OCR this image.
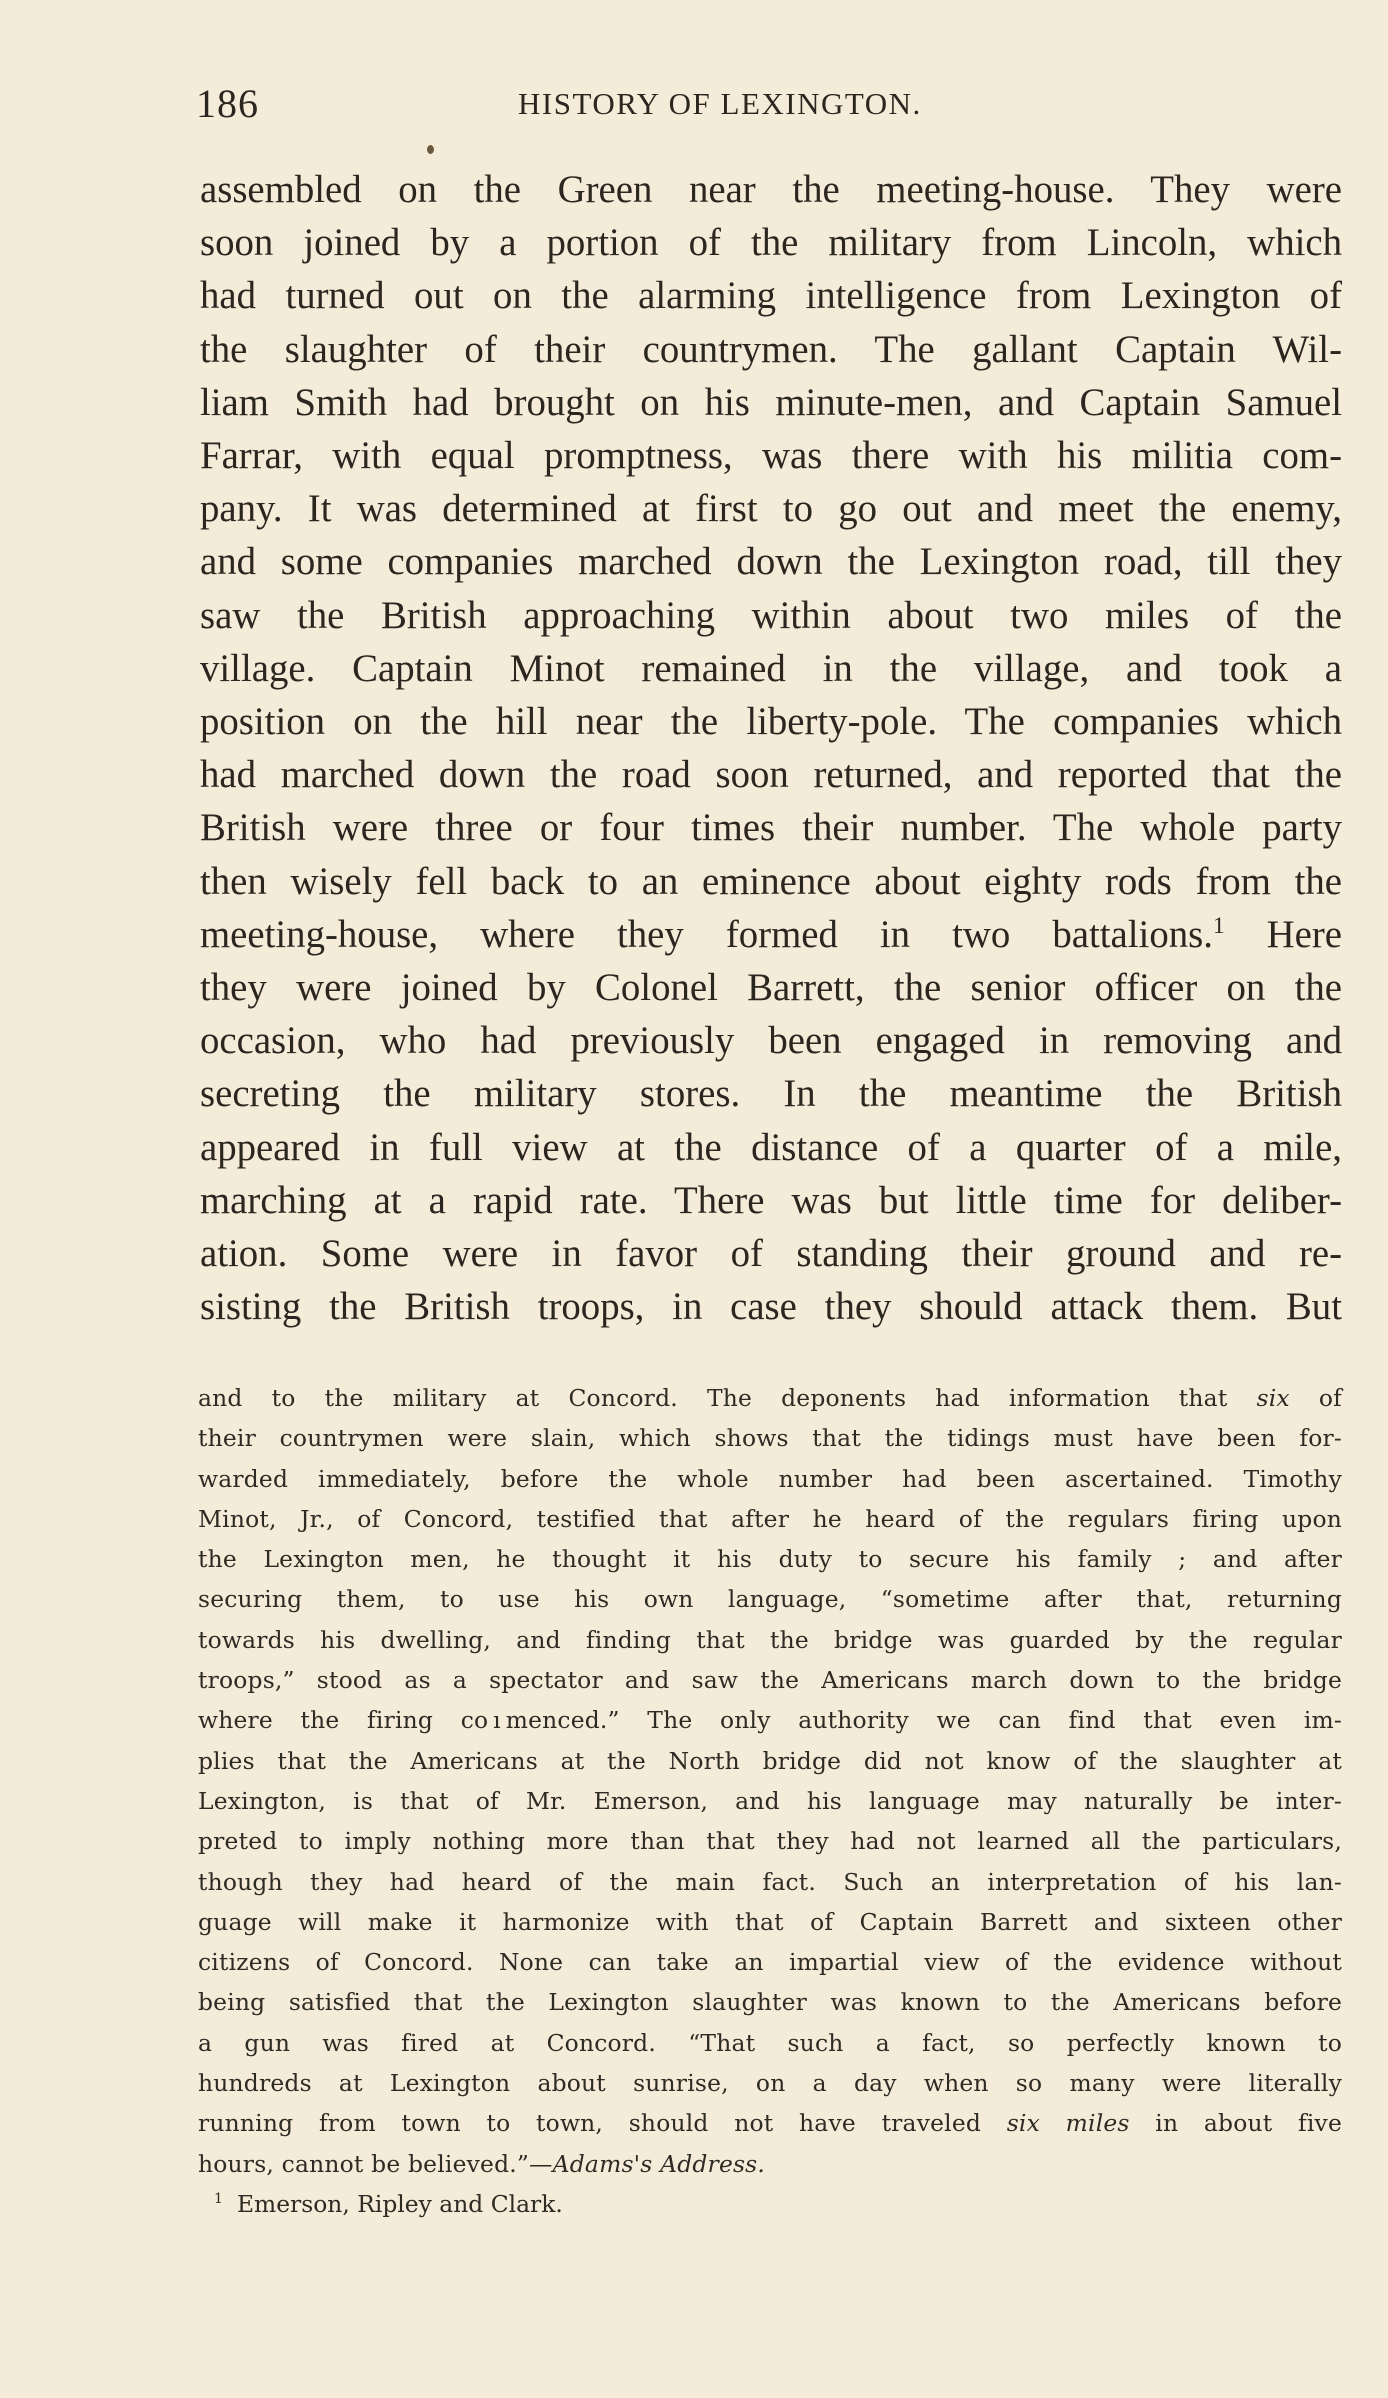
186	HISTORY OF LEXINGTON.
assembled on the Green near the meeting-house. They were
soon joined by a portion of the military from Lincoln, which
had turned out on the alarming intelligence from Lexington of
the slaughter of their countrymen. The gallant Captain Wil-
liam Smith had brought on his minute-men, and Captain Samuel
Farrar, with equal promptness, was there with his militia com-
pany. It was determined at first to go out and meet the enemy,
and some companies marched down the Lexington road, till they
saw the British approaching within about two miles of the
village. Captain Minot remained in the village, and took a
position on the hill near the liberty-pole. The companies which
had marched down the road soon returned, and reported that the
British were three or four times their number. The whole party
then wisely fell back to an eminence about eighty rods from the
meeting-house, where they formed in two battalions.$^1$ Here
they were joined by Colonel Barrett, the senior officer on the
occasion, who had previously been engaged in removing and
secreting the military stores. In the meantime the British
appeared in full view at the distance of a quarter of a mile,
marching at a rapid rate. There was but little time for deliber-
ation. Some were in favor of standing their ground and re-
sisting the British troops, in case they should attack them. But
and to the military at Concord. The deponents had information that six of
their countrymen were slain, which shows that the tidings must have been for-
warded immediately, before the whole number had been ascertained. Timothy
Minot, Jr., of Concord, testified that after he heard of the regulars firing upon
the Lexington men, he thought it his duty to secure his family ; and after
securing them, to use his own language, “sometime after that, returning
towards his dwelling, and finding that the bridge was guarded by the regular
troops,” stood as a spectator and saw the Americans march down to the bridge
where the firing co ı menced.” The only authority we can find that even im-
plies that the Americans at the North bridge did not know of the slaughter at
Lexington, is that of Mr. Emerson, and his language may naturally be inter-
preted to imply nothing more than that they had not learned all the particulars,
though they had heard of the main fact. Such an interpretation of his lan-
guage will make it harmonize with that of Captain Barrett and sixteen other
citizens of Concord. None can take an impartial view of the evidence without
being satisfied that the Lexington slaughter was known to the Americans before
a gun was fired at Concord. “That such a fact, so perfectly known to
hundreds at Lexington about sunrise, on a day when so many were literally
running from town to town, should not have traveled six miles in about five
hours, cannot be believed.”—Adams's Address.
$^1$ Emerson, Ripley and Clark.
